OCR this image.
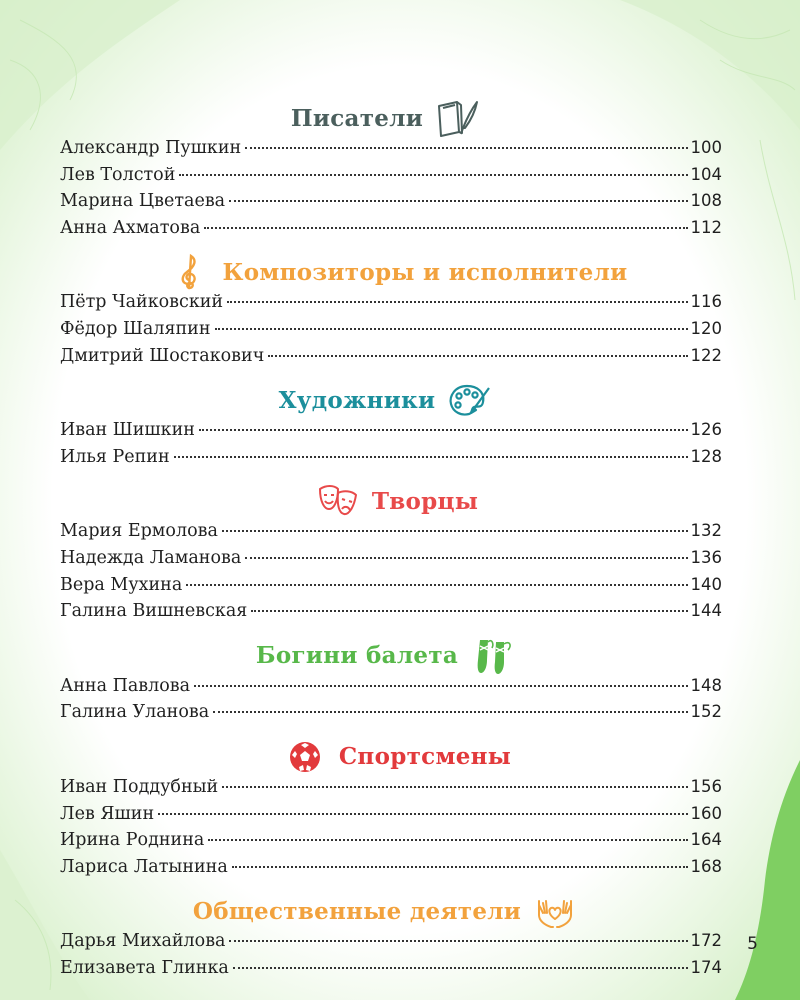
Писатели
Александр Пушкин	100
Лев Толстой	104
Марина Цветаева	108
Анна Ахматова	112
Композиторы и исполнители
Пётр Чайковский	116
Фёдор Шаляпин	120
Дмитрий Шостакович	122
Художники
Иван Шишкин	126
Илья Репин	128
Творцы
Мария Ермолова	132
Надежда Ламанова	136
Вера Мухина	140
Галина Вишневская	144
Богини балета
Анна Павлова	148
Галина Уланова	152
Спортсмены
Иван Поддубный	156
Лев Яшин	160
Ирина Роднина	164
Лариса Латынина	168
Общественные деятели
Дарья Михайлова	172
Елизавета Глинка	174
5
